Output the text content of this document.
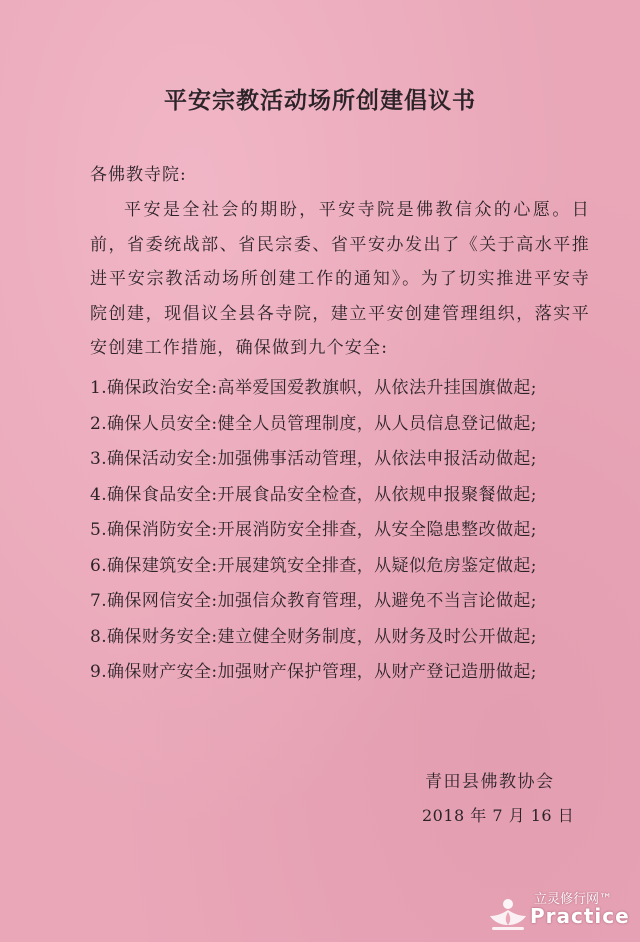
平安宗教活动场所创建倡议书
各佛教寺院:

平安是全社会的期盼，平安寺院是佛教信众的心愿。日前，省委统战部、省民宗委、省平安办发出了《关于高水平推进平安宗教活动场所创建工作的通知》。为了切实推进平安寺院创建，现倡议全县各寺院，建立平安创建管理组织，落实平安创建工作措施，确保做到九个安全:

1.确保政治安全:高举爱国爱教旗帜，从依法升挂国旗做起;
2.确保人员安全:健全人员管理制度，从人员信息登记做起;
3.确保活动安全:加强佛事活动管理，从依法申报活动做起;
4.确保食品安全:开展食品安全检查，从依规申报聚餐做起;
5.确保消防安全:开展消防安全排查，从安全隐患整改做起;
6.确保建筑安全:开展建筑安全排查，从疑似危房鉴定做起;
7.确保网信安全:加强信众教育管理，从避免不当言论做起;
8.确保财务安全:建立健全财务制度，从财务及时公开做起;
9.确保财产安全:加强财产保护管理，从财产登记造册做起;
青田县佛教协会
2018 年 7 月 16 日
立灵修行网™
Practice
